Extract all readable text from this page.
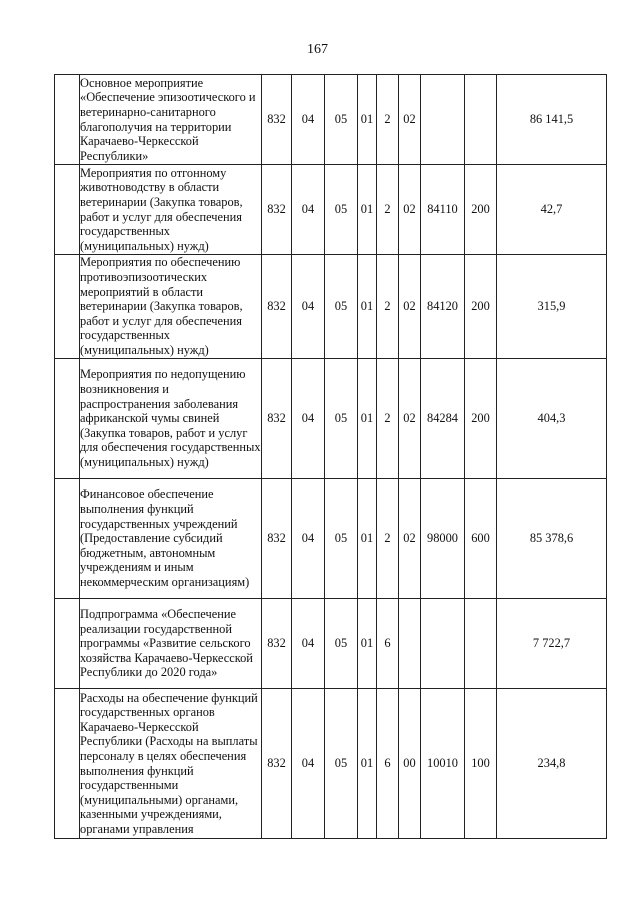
167
	Основное мероприятие «Обеспечение эпизоотического и ветеринарно-санитарного благополучия на территории Карачаево-Черкесской Республики»	832	04	05	01	2	02			86 141,5
	Мероприятия по отгонному животноводству в области ветеринарии (Закупка товаров, работ и услуг для обеспечения государственных (муниципальных) нужд)	832	04	05	01	2	02	84110	200	42,7
	Мероприятия по обеспечению противоэпизоотических мероприятий в области ветеринарии (Закупка товаров, работ и услуг для обеспечения государственных (муниципальных) нужд)	832	04	05	01	2	02	84120	200	315,9
	Мероприятия по недопущению возникновения и распространения заболевания африканской чумы свиней (Закупка товаров, работ и услуг для обеспечения государственных (муниципальных) нужд)	832	04	05	01	2	02	84284	200	404,3
	Финансовое обеспечение выполнения функций государственных учреждений (Предоставление субсидий бюджетным, автономным учреждениям и иным некоммерческим организациям)	832	04	05	01	2	02	98000	600	85 378,6
	Подпрограмма «Обеспечение реализации государственной программы «Развитие сельского хозяйства Карачаево-Черкесской Республики до 2020 года»	832	04	05	01	6				7 722,7
	Расходы на обеспечение функций государственных органов Карачаево-Черкесской Республики (Расходы на выплаты персоналу в целях обеспечения выполнения функций государственными (муниципальными) органами, казенными учреждениями, органами управления	832	04	05	01	6	00	10010	100	234,8
